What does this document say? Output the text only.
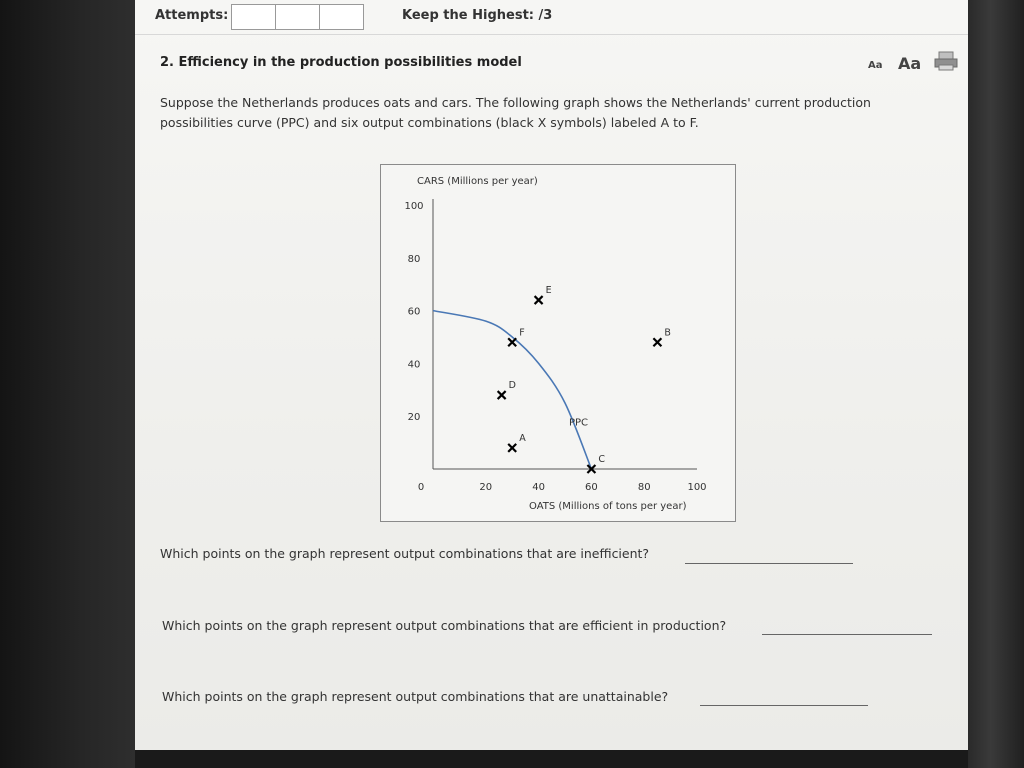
Attempts:	Keep the Highest: /3
2. Efficiency in the production possibilities model	Aa Aa
Suppose the Netherlands produces oats and cars. The following graph shows the Netherlands' current production possibilities curve (PPC) and six output combinations (black X symbols) labeled A to F.
CARS (Millions per year)
OATS (Millions of tons per year)
100
80
60
40
20
0	20	40	60	80	100
PPC
A
B
C
D
E
F
Which points on the graph represent output combinations that are inefficient?
Which points on the graph represent output combinations that are efficient in production?
Which points on the graph represent output combinations that are unattainable?
